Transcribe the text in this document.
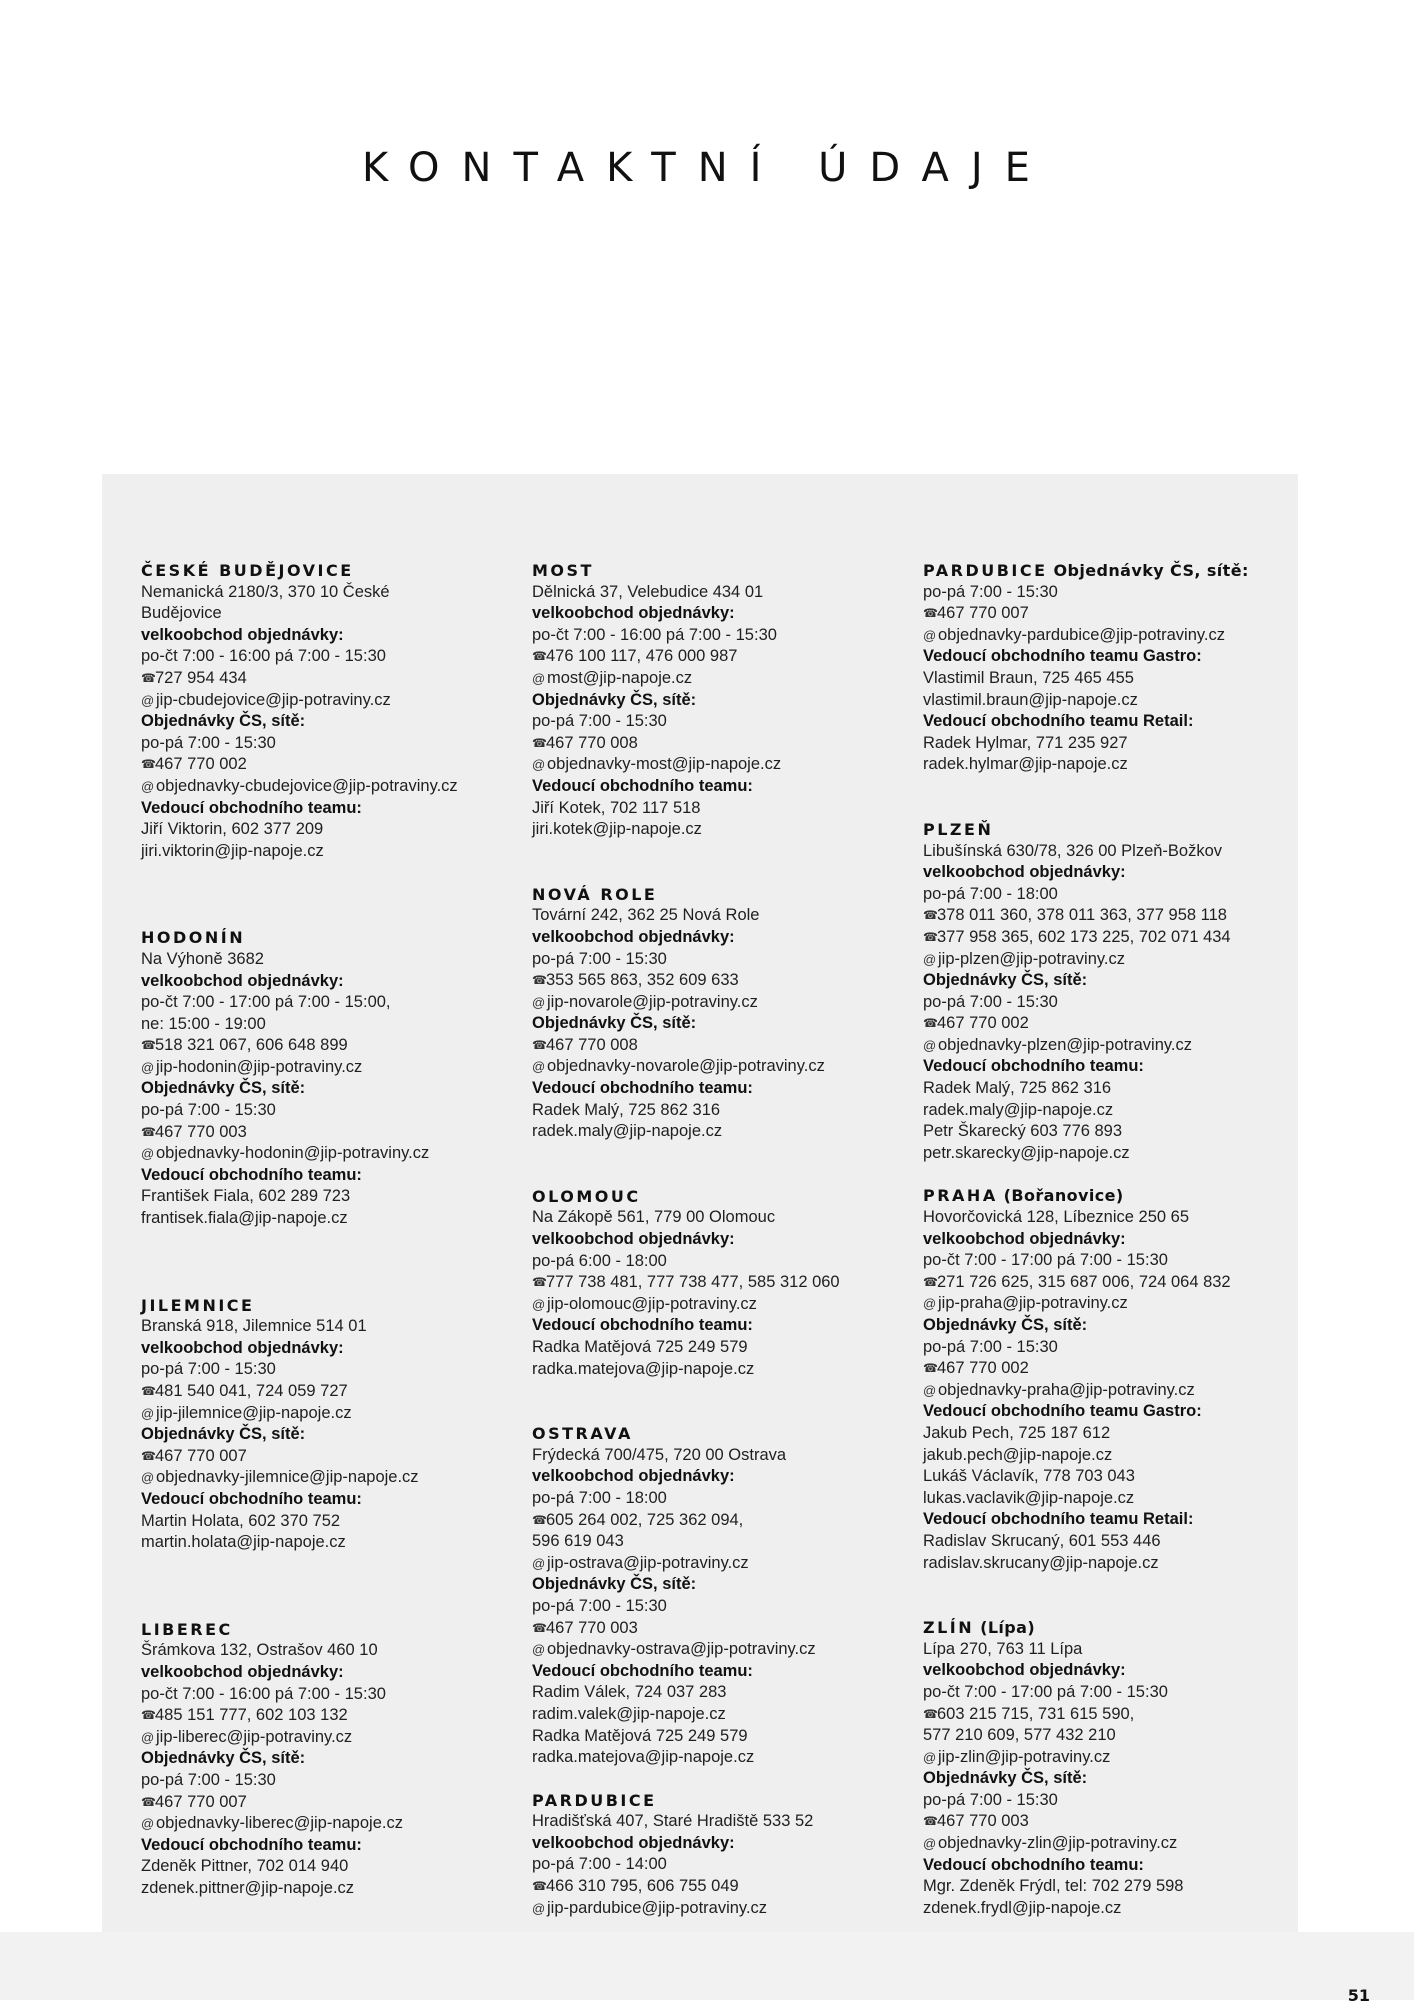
KONTAKTNÍ ÚDAJE
51
ČESKÉ BUDĚJOVICE
Nemanická 2180/3, 370 10 České
Budějovice
velkoobchod objednávky:
po-čt 7:00 - 16:00 pá 7:00 - 15:30
☎727 954 434
@ jip-cbudejovice@jip-potraviny.cz
Objednávky ČS, sítě:
po-pá 7:00 - 15:30
☎467 770 002
@ objednavky-cbudejovice@jip-potraviny.cz
Vedoucí obchodního teamu:
Jiří Viktorin, 602 377 209
jiri.viktorin@jip-napoje.cz
HODONÍN
Na Výhoně 3682
velkoobchod objednávky:
po-čt 7:00 - 17:00 pá 7:00 - 15:00,
ne: 15:00 - 19:00
☎518 321 067, 606 648 899
@ jip-hodonin@jip-potraviny.cz
Objednávky ČS, sítě:
po-pá 7:00 - 15:30
☎467 770 003
@ objednavky-hodonin@jip-potraviny.cz
Vedoucí obchodního teamu:
František Fiala, 602 289 723
frantisek.fiala@jip-napoje.cz
JILEMNICE
Branská 918, Jilemnice 514 01
velkoobchod objednávky:
po-pá 7:00 - 15:30
☎481 540 041, 724 059 727
@ jip-jilemnice@jip-napoje.cz
Objednávky ČS, sítě:
☎467 770 007
@ objednavky-jilemnice@jip-napoje.cz
Vedoucí obchodního teamu:
Martin Holata, 602 370 752
martin.holata@jip-napoje.cz
LIBEREC
Šrámkova 132, Ostrašov 460 10
velkoobchod objednávky:
po-čt 7:00 - 16:00 pá 7:00 - 15:30
☎485 151 777, 602 103 132
@ jip-liberec@jip-potraviny.cz
Objednávky ČS, sítě:
po-pá 7:00 - 15:30
☎467 770 007
@ objednavky-liberec@jip-napoje.cz
Vedoucí obchodního teamu:
Zdeněk Pittner, 702 014 940
zdenek.pittner@jip-napoje.cz
MOST
Dělnická 37, Velebudice 434 01
velkoobchod objednávky:
po-čt 7:00 - 16:00 pá 7:00 - 15:30
☎476 100 117, 476 000 987
@ most@jip-napoje.cz
Objednávky ČS, sítě:
po-pá 7:00 - 15:30
☎467 770 008
@ objednavky-most@jip-napoje.cz
Vedoucí obchodního teamu:
Jiří Kotek, 702 117 518
jiri.kotek@jip-napoje.cz
NOVÁ ROLE
Tovární 242, 362 25 Nová Role
velkoobchod objednávky:
po-pá 7:00 - 15:30
☎353 565 863, 352 609 633
@ jip-novarole@jip-potraviny.cz
Objednávky ČS, sítě:
☎467 770 008
@ objednavky-novarole@jip-potraviny.cz
Vedoucí obchodního teamu:
Radek Malý, 725 862 316
radek.maly@jip-napoje.cz
OLOMOUC
Na Zákopě 561, 779 00 Olomouc
velkoobchod objednávky:
po-pá 6:00 - 18:00
☎777 738 481, 777 738 477, 585 312 060
@ jip-olomouc@jip-potraviny.cz
Vedoucí obchodního teamu:
Radka Matějová 725 249 579
radka.matejova@jip-napoje.cz
OSTRAVA
Frýdecká 700/475, 720 00 Ostrava
velkoobchod objednávky:
po-pá 7:00 - 18:00
☎605 264 002, 725 362 094,
596 619 043
@ jip-ostrava@jip-potraviny.cz
Objednávky ČS, sítě:
po-pá 7:00 - 15:30
☎467 770 003
@ objednavky-ostrava@jip-potraviny.cz
Vedoucí obchodního teamu:
Radim Válek, 724 037 283
radim.valek@jip-napoje.cz
Radka Matějová 725 249 579
radka.matejova@jip-napoje.cz
PARDUBICE
Hradišťská 407, Staré Hradiště 533 52
velkoobchod objednávky:
po-pá 7:00 - 14:00
☎466 310 795, 606 755 049
@ jip-pardubice@jip-potraviny.cz
PARDUBICE Objednávky ČS, sítě:
po-pá 7:00 - 15:30
☎467 770 007
@ objednavky-pardubice@jip-potraviny.cz
Vedoucí obchodního teamu Gastro:
Vlastimil Braun, 725 465 455
vlastimil.braun@jip-napoje.cz
Vedoucí obchodního teamu Retail:
Radek Hylmar, 771 235 927
radek.hylmar@jip-napoje.cz
PLZEŇ
Libušínská 630/78, 326 00 Plzeň-Božkov
velkoobchod objednávky:
po-pá 7:00 - 18:00
☎378 011 360, 378 011 363, 377 958 118
☎377 958 365, 602 173 225, 702 071 434
@ jip-plzen@jip-potraviny.cz
Objednávky ČS, sítě:
po-pá 7:00 - 15:30
☎467 770 002
@ objednavky-plzen@jip-potraviny.cz
Vedoucí obchodního teamu:
Radek Malý, 725 862 316
radek.maly@jip-napoje.cz
Petr Škarecký 603 776 893
petr.skarecky@jip-napoje.cz
PRAHA (Bořanovice)
Hovorčovická 128, Líbeznice 250 65
velkoobchod objednávky:
po-čt 7:00 - 17:00 pá 7:00 - 15:30
☎271 726 625, 315 687 006, 724 064 832
@ jip-praha@jip-potraviny.cz
Objednávky ČS, sítě:
po-pá 7:00 - 15:30
☎467 770 002
@ objednavky-praha@jip-potraviny.cz
Vedoucí obchodního teamu Gastro:
Jakub Pech, 725 187 612
jakub.pech@jip-napoje.cz
Lukáš Václavík, 778 703 043
lukas.vaclavik@jip-napoje.cz
Vedoucí obchodního teamu Retail:
Radislav Skrucaný, 601 553 446
radislav.skrucany@jip-napoje.cz
ZLÍN (Lípa)
Lípa 270, 763 11 Lípa
velkoobchod objednávky:
po-čt 7:00 - 17:00 pá 7:00 - 15:30
☎603 215 715, 731 615 590,
577 210 609, 577 432 210
@ jip-zlin@jip-potraviny.cz
Objednávky ČS, sítě:
po-pá 7:00 - 15:30
☎467 770 003
@ objednavky-zlin@jip-potraviny.cz
Vedoucí obchodního teamu:
Mgr. Zdeněk Frýdl, tel: 702 279 598
zdenek.frydl@jip-napoje.cz
